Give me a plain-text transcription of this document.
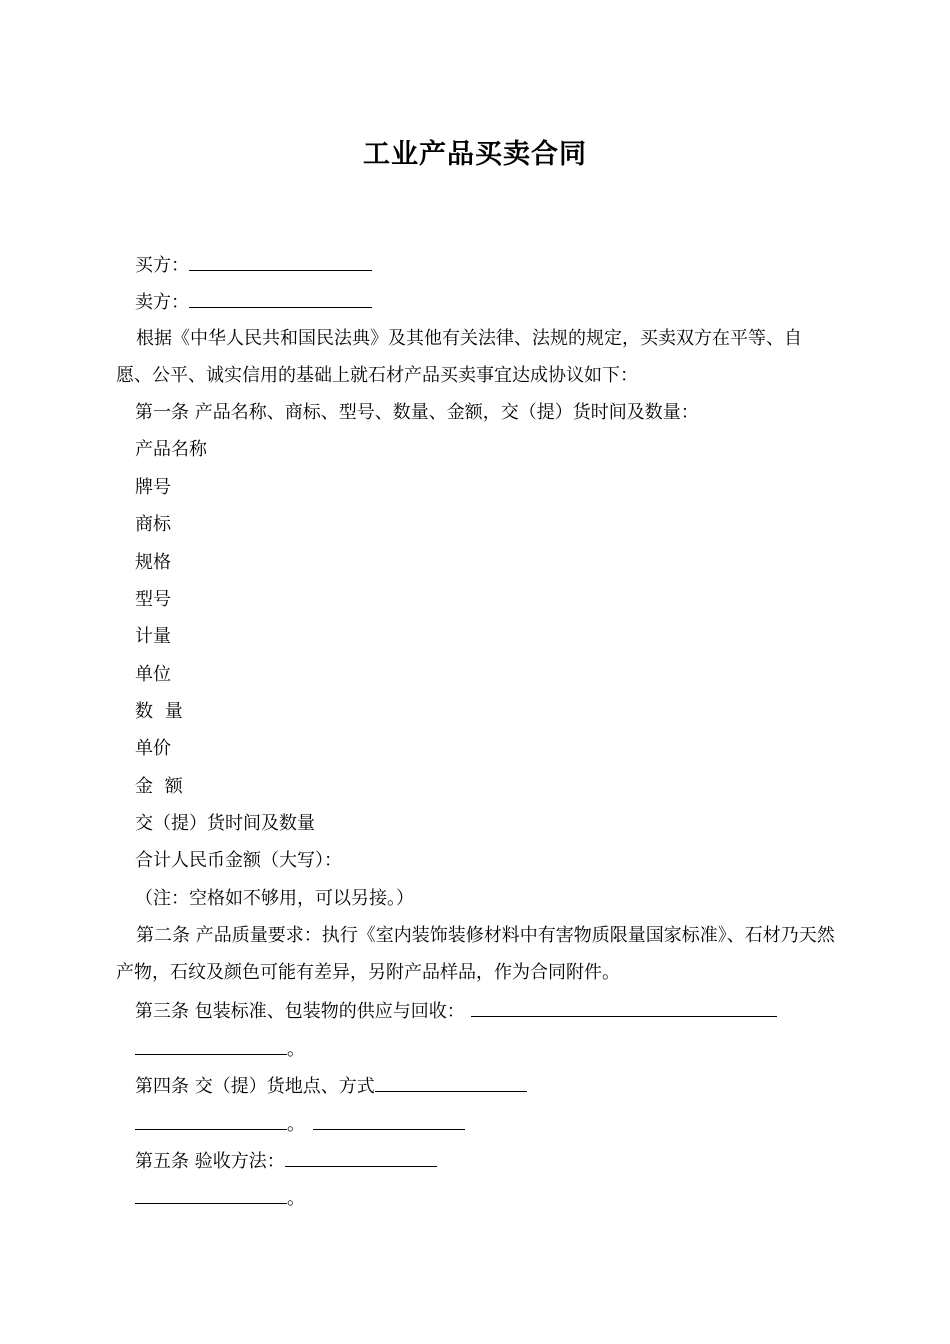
工业产品买卖合同
买方：
卖方：
根据《中华人民共和国民法典》及其他有关法律、法规的规定，买卖双方在平等、自愿、公平、诚实信用的基础上就石材产品买卖事宜达成协议如下：
第一条 产品名称、商标、型号、数量、金额，交（提）货时间及数量：
产品名称
牌号
商标
规格
型号
计量
单位
数 量
单价
金 额
交（提）货时间及数量
合计人民币金额（大写）：
（注：空格如不够用，可以另接。）
第二条 产品质量要求：执行《室内装饰装修材料中有害物质限量国家标准》、石材乃天然产物，石纹及颜色可能有差异，另附产品样品，作为合同附件。
第三条 包装标准、包装物的供应与回收：
。
第四条 交（提）货地点、方式
。
第五条 验收方法：
。
